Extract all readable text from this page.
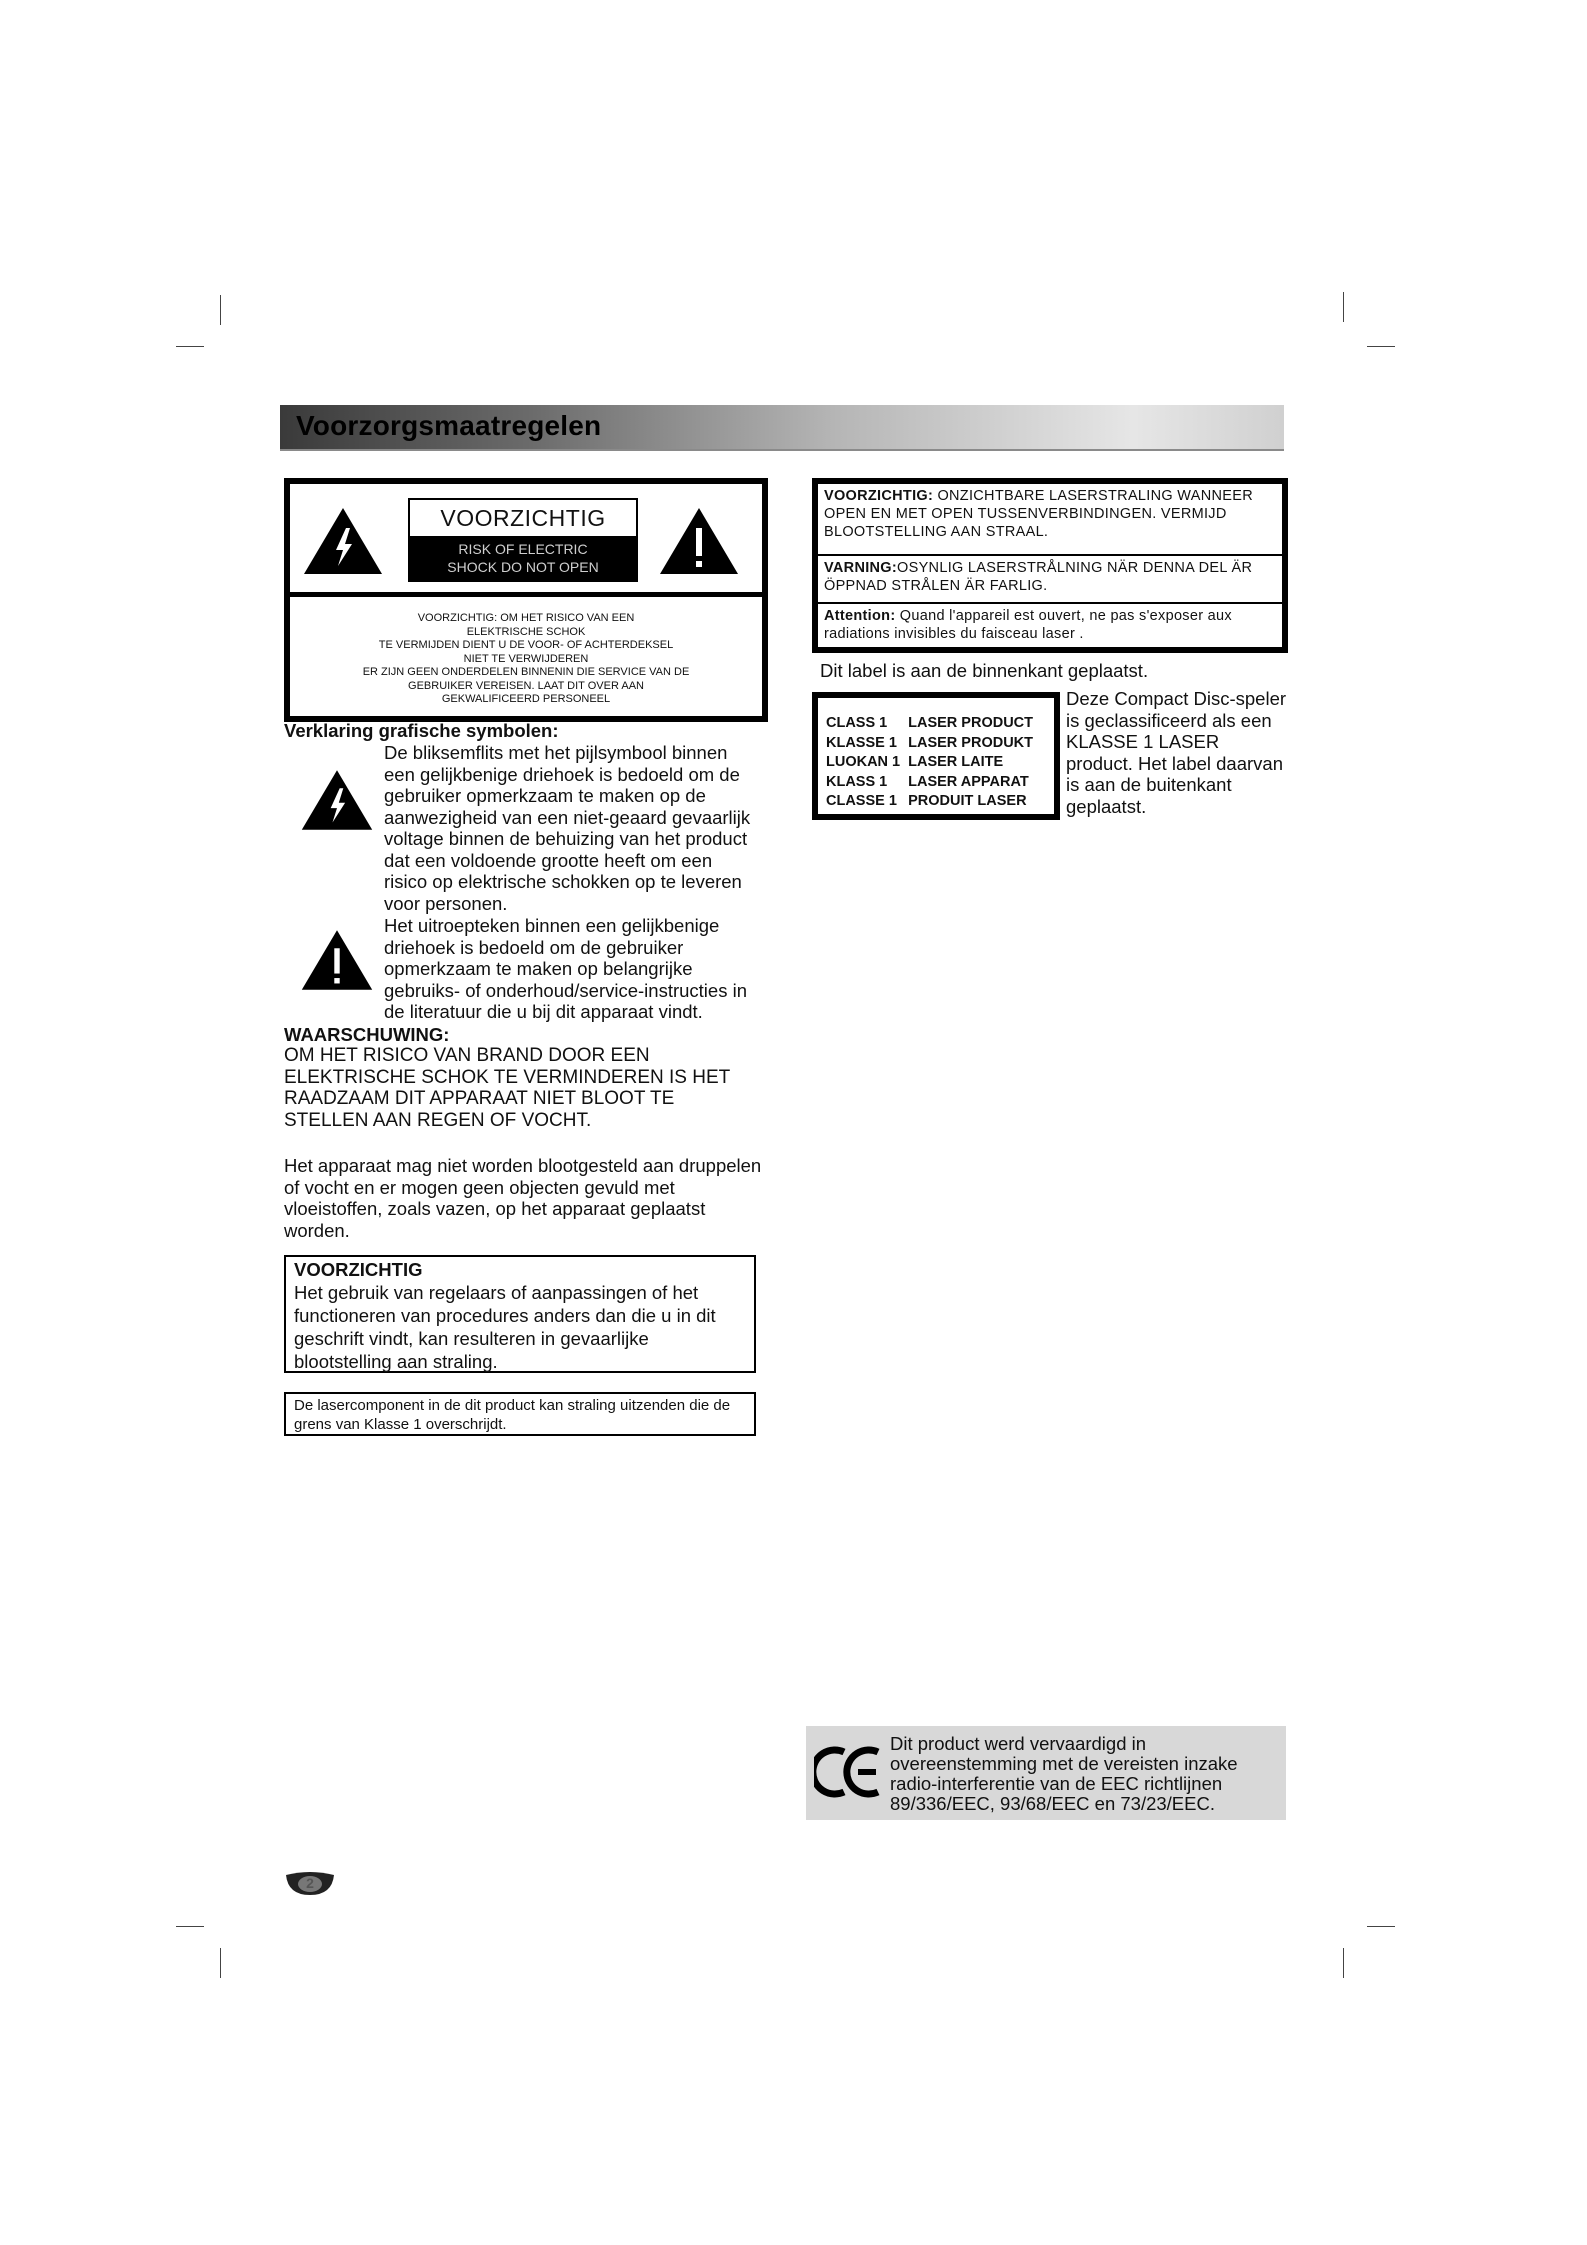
Voorzorgsmaatregelen
VOORZICHTIG
RISK OF ELECTRIC
SHOCK DO NOT OPEN
VOORZICHTIG: OM HET RISICO VAN EEN
ELEKTRISCHE SCHOK
TE VERMIJDEN DIENT U DE VOOR- OF ACHTERDEKSEL
NIET TE VERWIJDEREN
ER ZIJN GEEN ONDERDELEN BINNENIN DIE SERVICE VAN DE
GEBRUIKER VEREISEN. LAAT DIT OVER AAN
GEKWALIFICEERD PERSONEEL
Verklaring grafische symbolen:
De bliksemflits met het pijlsymbool binnen een gelijkbenige driehoek is bedoeld om de gebruiker opmerkzaam te maken op de aanwezigheid van een niet-geaard gevaarlijk voltage binnen de behuizing van het product dat een voldoende grootte heeft om een risico op elektrische schokken op te leveren voor personen.
Het uitroepteken binnen een gelijkbenige driehoek is bedoeld om de gebruiker opmerkzaam te maken op belangrijke gebruiks- of onderhoud/service-instructies in de literatuur die u bij dit apparaat vindt.
WAARSCHUWING:
OM HET RISICO VAN BRAND DOOR EEN ELEKTRISCHE SCHOK TE VERMINDEREN IS HET RAADZAAM DIT APPARAAT NIET BLOOT TE STELLEN AAN REGEN OF VOCHT.
Het apparaat mag niet worden blootgesteld aan druppelen of vocht en er mogen geen objecten gevuld met vloeistoffen, zoals vazen, op het apparaat geplaatst worden.
VOORZICHTIG
Het gebruik van regelaars of aanpassingen of het functioneren van procedures anders dan die u in dit geschrift vindt, kan resulteren in gevaarlijke blootstelling aan straling.
De lasercomponent in de dit product kan straling uitzenden die de grens van Klasse 1 overschrijdt.
VOORZICHTIG: ONZICHTBARE LASERSTRALING WANNEER OPEN EN MET OPEN TUSSENVERBINDINGEN. VERMIJD BLOOTSTELLING AAN STRAAL.
VARNING:OSYNLIG LASERSTRÅLNING NÄR DENNA DEL ÄR ÖPPNAD STRÅLEN ÄR FARLIG.
Attention: Quand l'appareil est ouvert, ne pas s'exposer aux radiations invisibles du faisceau laser .
Dit label is aan de binnenkant geplaatst.
CLASS 1	LASER PRODUCT
KLASSE 1	LASER PRODUKT
LUOKAN 1	LASER LAITE
KLASS 1	LASER APPARAT
CLASSE 1	PRODUIT LASER
Deze Compact Disc-speler is geclassificeerd als een KLASSE 1 LASER product. Het label daarvan is aan de buitenkant geplaatst.
Dit product werd vervaardigd in overeenstemming met de vereisten inzake radio-interferentie van de EEC richtlijnen 89/336/EEC, 93/68/EEC en 73/23/EEC.
2
